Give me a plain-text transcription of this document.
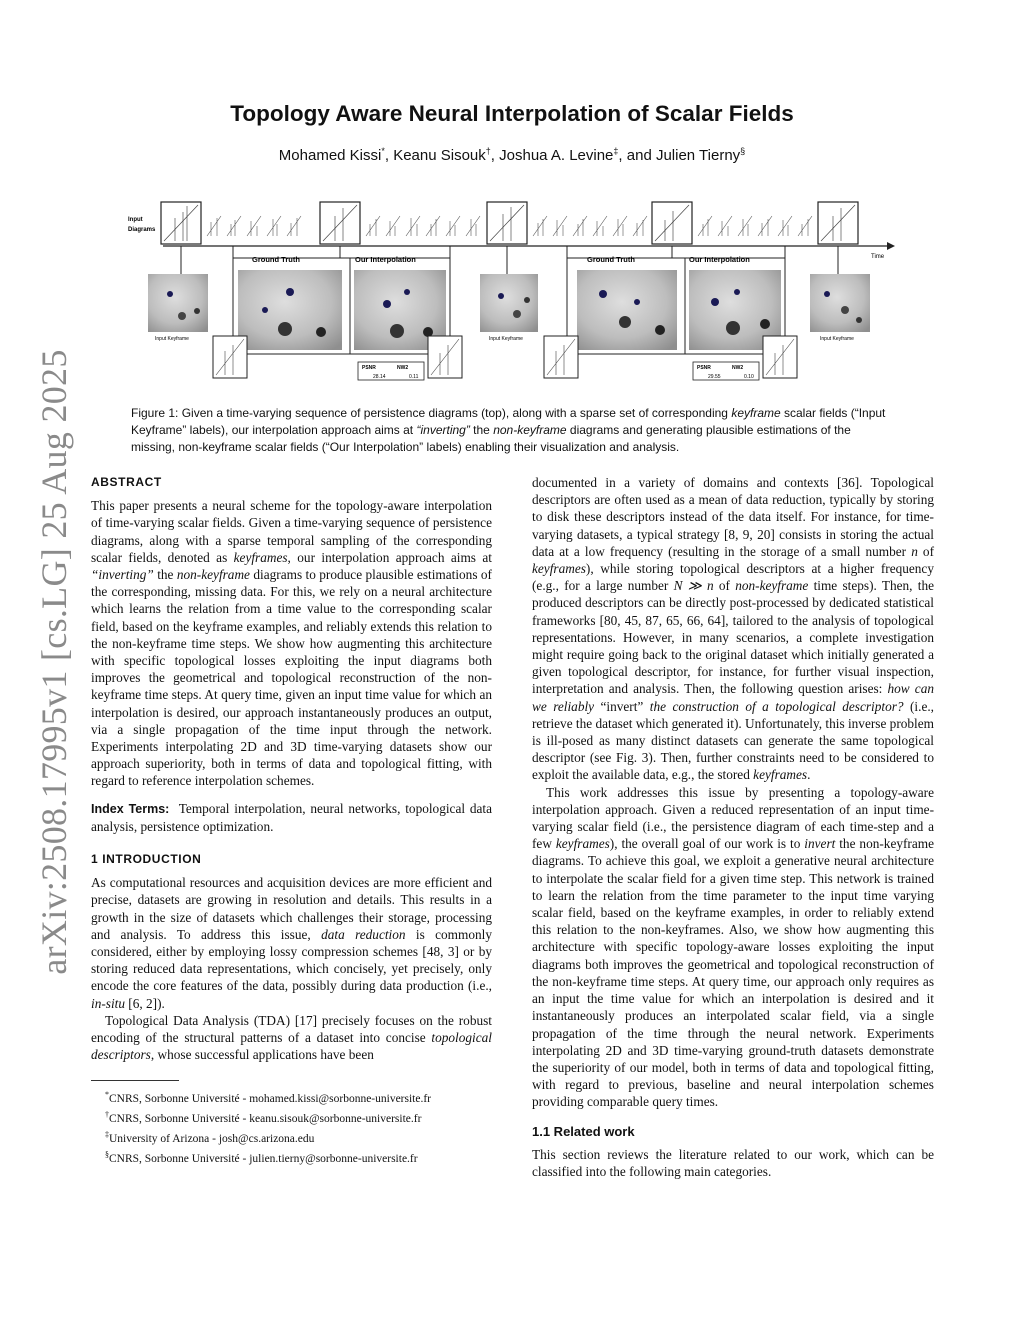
arXiv:2508.17995v1 [cs.LG] 25 Aug 2025
Topology Aware Neural Interpolation of Scalar Fields
Mohamed Kissi*, Keanu Sisouk†, Joshua A. Levine‡, and Julien Tierny§
Input Diagrams
Time
Ground Truth	Our Interpolation	Ground Truth	Our Interpolation
Input Keyframe	Input Keyframe	Input Keyframe
PSNR	NW2
28.14	0.11
PSNR	NW2
29.55	0.10

Figure 1: Given a time-varying sequence of persistence diagrams (top), along with a sparse set of corresponding keyframe scalar fields (“Input Keyframe” labels), our interpolation approach aims at “inverting” the non-keyframe diagrams and generating plausible estimations of the missing, non-keyframe scalar fields (“Our Interpolation” labels) enabling their visualization and analysis.

ABSTRACT

This paper presents a neural scheme for the topology-aware interpolation of time-varying scalar fields. Given a time-varying sequence of persistence diagrams, along with a sparse temporal sampling of the corresponding scalar fields, denoted as keyframes, our interpolation approach aims at “inverting” the non-keyframe diagrams to produce plausible estimations of the corresponding, missing data. For this, we rely on a neural architecture which learns the relation from a time value to the corresponding scalar field, based on the keyframe examples, and reliably extends this relation to the non-keyframe time steps. We show how augmenting this architecture with specific topological losses exploiting the input diagrams both improves the geometrical and topological reconstruction of the non-keyframe time steps. At query time, given an input time value for which an interpolation is desired, our approach instantaneously produces an output, via a single propagation of the time input through the network. Experiments interpolating 2D and 3D time-varying datasets show our approach superiority, both in terms of data and topological fitting, with regard to reference interpolation schemes.

Index Terms: Temporal interpolation, neural networks, topological data analysis, persistence optimization.

1 INTRODUCTION

As computational resources and acquisition devices are more efficient and precise, datasets are growing in resolution and details. This results in a growth in the size of datasets which challenges their storage, processing and analysis. To address this issue, data reduction is commonly considered, either by employing lossy compression schemes [48, 3] or by storing reduced data representations, which concisely, yet precisely, only encode the core features of the data, possibly during data production (i.e., in-situ [6, 2]).

Topological Data Analysis (TDA) [17] precisely focuses on the robust encoding of the structural patterns of a dataset into concise topological descriptors, whose successful applications have been

*CNRS, Sorbonne Université - mohamed.kissi@sorbonne-universite.fr

†CNRS, Sorbonne Université - keanu.sisouk@sorbonne-universite.fr

‡University of Arizona - josh@cs.arizona.edu

§CNRS, Sorbonne Université - julien.tierny@sorbonne-universite.fr

documented in a variety of domains and contexts [36]. Topological descriptors are often used as a mean of data reduction, typically by storing to disk these descriptors instead of the data itself. For instance, for time-varying datasets, a typical strategy [8, 9, 20] consists in storing the actual data at a low frequency (resulting in the storage of a small number n of keyframes), while storing topological descriptors at a higher frequency (e.g., for a large number N ≫ n of non-keyframe time steps). Then, the produced descriptors can be directly post-processed by dedicated statistical frameworks [80, 45, 87, 65, 66, 64], tailored to the analysis of topological representations. However, in many scenarios, a complete investigation might require going back to the original dataset which initially generated a given topological descriptor, for instance, for further visual inspection, interpretation and analysis. Then, the following question arises: how can we reliably “invert” the construction of a topological descriptor? (i.e., retrieve the dataset which generated it). Unfortunately, this inverse problem is ill-posed as many distinct datasets can generate the same topological descriptor (see Fig. 3). Then, further constraints need to be considered to exploit the available data, e.g., the stored keyframes.

This work addresses this issue by presenting a topology-aware interpolation approach. Given a reduced representation of an input time-varying scalar field (i.e., the persistence diagram of each time-step and a few keyframes), the overall goal of our work is to invert the non-keyframe diagrams. To achieve this goal, we exploit a generative neural architecture to interpolate the scalar field for a given time step. This network is trained to learn the relation from the time parameter to the input time varying scalar field, based on the keyframe examples, in order to reliably extend this relation to the non-keyframes. Also, we show how augmenting this architecture with specific topology-aware losses exploiting the input diagrams both improves the geometrical and topological reconstruction of the non-keyframe time steps. At query time, our approach only requires as an input the time value for which an interpolation is desired and it instantaneously produces an interpolated scalar field, via a single propagation of the time through the neural network. Experiments interpolating 2D and 3D time-varying ground-truth datasets demonstrate the superiority of our model, both in terms of data and topological fitting, with regard to previous, baseline and neural interpolation schemes providing comparable query times.

1.1 Related work

This section reviews the literature related to our work, which can be classified into the following main categories.
